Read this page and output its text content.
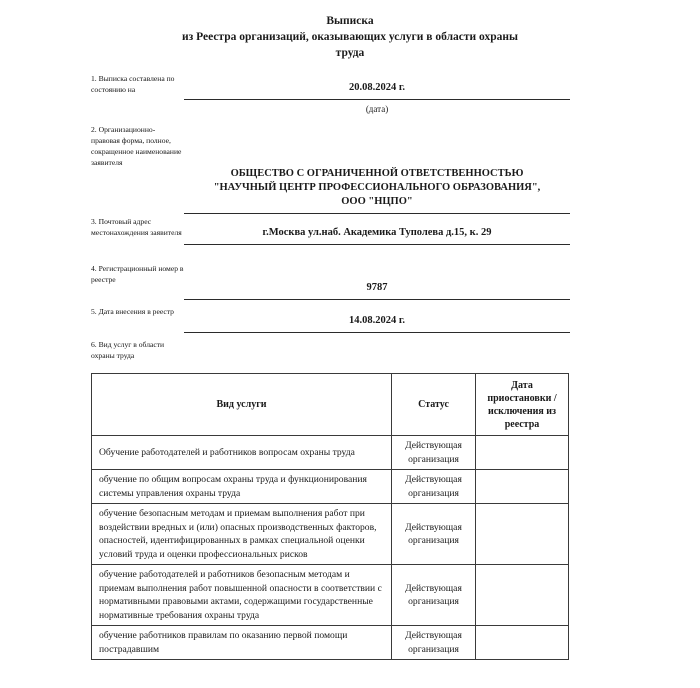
Выписка
из Реестра организаций, оказывающих услуги в области охраны труда
1. Выписка составлена по состоянию на	20.08.2024 г.
(дата)
2. Организационно-правовая форма, полное, сокращенное наименование заявителя
ОБЩЕСТВО С ОГРАНИЧЕННОЙ ОТВЕТСТВЕННОСТЬЮ
"НАУЧНЫЙ ЦЕНТР ПРОФЕССИОНАЛЬНОГО ОБРАЗОВАНИЯ",
ООО "НЦПО"
3. Почтовый адрес местонахождения заявителя	г.Москва ул.наб. Академика Туполева д.15, к. 29
4. Регистрационный номер в реестре
9787
5. Дата внесения в реестр
14.08.2024 г.
6. Вид услуг в области охраны труда
Вид услуги	Статус	Дата приостановки / исключения из реестра
Обучение работодателей и работников вопросам охраны труда	Действующая организация	
обучение по общим вопросам охраны труда и функционирования системы управления охраны труда	Действующая организация	
обучение безопасным методам и приемам выполнения работ при воздействии вредных и (или) опасных производственных факторов, опасностей, идентифицированных в рамках специальной оценки условий труда и оценки профессиональных рисков	Действующая организация	
обучение работодателей и работников безопасным методам и приемам выполнения работ повышенной опасности в соответствии с нормативными правовыми актами, содержащими государственные нормативные требования охраны труда	Действующая организация	
обучение работников правилам по оказанию первой помощи пострадавшим	Действующая организация	
